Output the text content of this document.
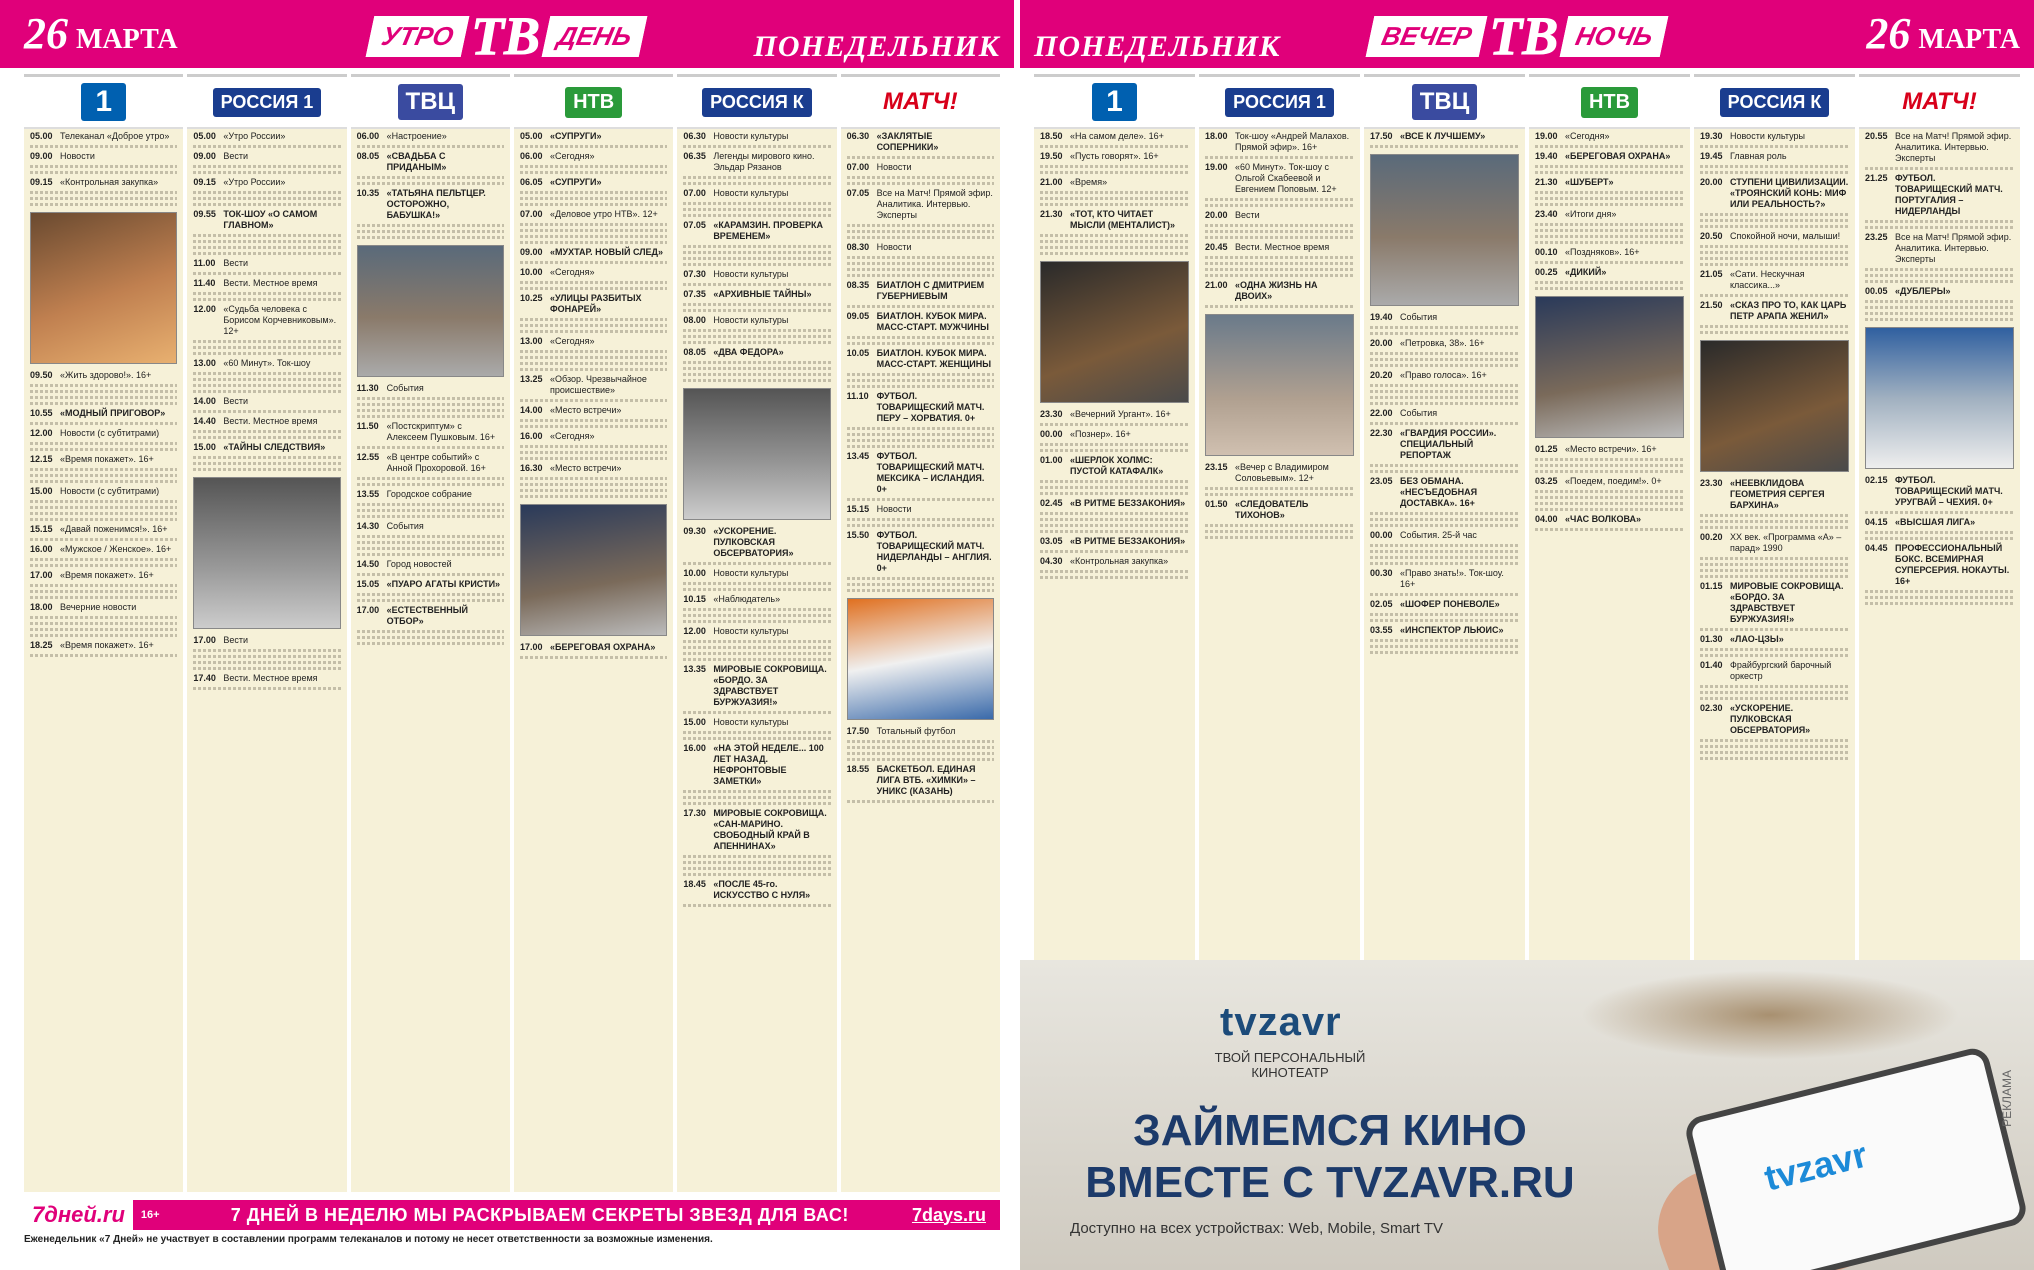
26 МАРТА	УТРО ТВ ДЕНЬ	ПОНЕДЕЛЬНИК
1
05.00 Телеканал «Доброе утро»
09.00 Новости
09.15 «Контрольная закупка»
09.50 «Жить здорово!». 16+
10.55 «МОДНЫЙ ПРИГОВОР»
12.00 Новости (с субтитрами)
12.15 «Время покажет». 16+
15.00 Новости (с субтитрами)
15.15 «Давай поженимся!». 16+
16.00 «Мужское / Женское». 16+
17.00 «Время покажет». 16+
18.00 Вечерние новости
18.25 «Время покажет». 16+
РОССИЯ 1
05.00 «Утро России»
09.00 Вести
09.15 «Утро России»
09.55 ТОК-ШОУ «О САМОМ ГЛАВНОМ»
11.00 Вести
11.40 Вести. Местное время
12.00 «Судьба человека с Борисом Корчевниковым». 12+
13.00 «60 Минут». Ток-шоу
14.00 Вести
14.40 Вести. Местное время
15.00 «ТАЙНЫ СЛЕДСТВИЯ»
17.00 Вести
17.40 Вести. Местное время
ТВЦ
06.00 «Настроение»
08.05 «СВАДЬБА С ПРИДАНЫМ»
10.35 «ТАТЬЯНА ПЕЛЬТЦЕР. ОСТОРОЖНО, БАБУШКА!»
11.30 События
11.50 «Постскриптум» с Алексеем Пушковым. 16+
12.55 «В центре событий» с Анной Прохоровой. 16+
13.55 Городское собрание
14.30 События
14.50 Город новостей
15.05 «ПУАРО АГАТЫ КРИСТИ»
17.00 «ЕСТЕСТВЕННЫЙ ОТБОР»
НТВ
05.00 «СУПРУГИ»
06.00 «Сегодня»
06.05 «СУПРУГИ»
07.00 «Деловое утро НТВ». 12+
09.00 «МУХТАР. НОВЫЙ СЛЕД»
10.00 «Сегодня»
10.25 «УЛИЦЫ РАЗБИТЫХ ФОНАРЕЙ»
13.00 «Сегодня»
13.25 «Обзор. Чрезвычайное происшествие»
14.00 «Место встречи»
16.00 «Сегодня»
16.30 «Место встречи»
17.00 «БЕРЕГОВАЯ ОХРАНА»
РОССИЯ К
06.30 Новости культуры
06.35 Легенды мирового кино. Эльдар Рязанов
07.00 Новости культуры
07.05 «КАРАМЗИН. ПРОВЕРКА ВРЕМЕНЕМ»
07.30 Новости культуры
07.35 «АРХИВНЫЕ ТАЙНЫ»
08.00 Новости культуры
08.05 «ДВА ФЕДОРА»
09.30 «УСКОРЕНИЕ. ПУЛКОВСКАЯ ОБСЕРВАТОРИЯ»
10.00 Новости культуры
10.15 «Наблюдатель»
12.00 Новости культуры
13.35 МИРОВЫЕ СОКРОВИЩА. «БОРДО. ЗА ЗДРАВСТВУЕТ БУРЖУАЗИЯ!»
15.00 Новости культуры
16.00 «НА ЭТОЙ НЕДЕЛЕ... 100 ЛЕТ НАЗАД. НЕФРОНТОВЫЕ ЗАМЕТКИ»
17.30 МИРОВЫЕ СОКРОВИЩА. «САН-МАРИНО. СВОБОДНЫЙ КРАЙ В АПЕННИНАХ»
18.45 «ПОСЛЕ 45-го. ИСКУССТВО С НУЛЯ»
МАТЧ!
06.30 «ЗАКЛЯТЫЕ СОПЕРНИКИ»
07.00 Новости
07.05 Все на Матч! Прямой эфир. Аналитика. Интервью. Эксперты
08.30 Новости
08.35 БИАТЛОН С ДМИТРИЕМ ГУБЕРНИЕВЫМ
09.05 БИАТЛОН. КУБОК МИРА. МАСС-СТАРТ. МУЖЧИНЫ
10.05 БИАТЛОН. КУБОК МИРА. МАСС-СТАРТ. ЖЕНЩИНЫ
11.10 ФУТБОЛ. ТОВАРИЩЕСКИЙ МАТЧ. ПЕРУ – ХОРВАТИЯ. 0+
13.45 ФУТБОЛ. ТОВАРИЩЕСКИЙ МАТЧ. МЕКСИКА – ИСЛАНДИЯ. 0+
15.15 Новости
15.50 ФУТБОЛ. ТОВАРИЩЕСКИЙ МАТЧ. НИДЕРЛАНДЫ – АНГЛИЯ. 0+
17.50 Тотальный футбол
18.55 БАСКЕТБОЛ. ЕДИНАЯ ЛИГА ВТБ. «ХИМКИ» – УНИКС (КАЗАНЬ)
7дней.ru	16+	7 ДНЕЙ В НЕДЕЛЮ МЫ РАСКРЫВАЕМ СЕКРЕТЫ ЗВЕЗД ДЛЯ ВАС!	7days.ru
Еженедельник «7 Дней» не участвует в составлении программ телеканалов и потому не несет ответственности за возможные изменения.
ПОНЕДЕЛЬНИК	ВЕЧЕР ТВ НОЧЬ	26 МАРТА
1
18.50 «На самом деле». 16+
19.50 «Пусть говорят». 16+
21.00 «Время»
21.30 «ТОТ, КТО ЧИТАЕТ МЫСЛИ (МЕНТАЛИСТ)»
23.30 «Вечерний Ургант». 16+
00.00 «Познер». 16+
01.00 «ШЕРЛОК ХОЛМС: ПУСТОЙ КАТАФАЛК»
02.45 «В РИТМЕ БЕЗЗАКОНИЯ»
03.05 «В РИТМЕ БЕЗЗАКОНИЯ»
04.30 «Контрольная закупка»
РОССИЯ 1
18.00 Ток-шоу «Андрей Малахов. Прямой эфир». 16+
19.00 «60 Минут». Ток-шоу с Ольгой Скабеевой и Евгением Поповым. 12+
20.00 Вести
20.45 Вести. Местное время
21.00 «ОДНА ЖИЗНЬ НА ДВОИХ»
23.15 «Вечер с Владимиром Соловьевым». 12+
01.50 «СЛЕДОВАТЕЛЬ ТИХОНОВ»
ТВЦ
17.50 «ВСЕ К ЛУЧШЕМУ»
19.40 События
20.00 «Петровка, 38». 16+
20.20 «Право голоса». 16+
22.00 События
22.30 «ГВАРДИЯ РОССИИ». СПЕЦИАЛЬНЫЙ РЕПОРТАЖ
23.05 БЕЗ ОБМАНА. «НЕСЪЕДОБНАЯ ДОСТАВКА». 16+
00.00 События. 25-й час
00.30 «Право знать!». Ток-шоу. 16+
02.05 «ШОФЕР ПОНЕВОЛЕ»
03.55 «ИНСПЕКТОР ЛЬЮИС»
НТВ
19.00 «Сегодня»
19.40 «БЕРЕГОВАЯ ОХРАНА»
21.30 «ШУБЕРТ»
23.40 «Итоги дня»
00.10 «Поздняков». 16+
00.25 «ДИКИЙ»
01.25 «Место встречи». 16+
03.25 «Поедем, поедим!». 0+
04.00 «ЧАС ВОЛКОВА»
РОССИЯ К
19.30 Новости культуры
19.45 Главная роль
20.00 СТУПЕНИ ЦИВИЛИЗАЦИИ. «ТРОЯНСКИЙ КОНЬ: МИФ ИЛИ РЕАЛЬНОСТЬ?»
20.50 Спокойной ночи, малыши!
21.05 «Сати. Нескучная классика...»
21.50 «СКАЗ ПРО ТО, КАК ЦАРЬ ПЕТР АРАПА ЖЕНИЛ»
23.30 «НЕЕВКЛИДОВА ГЕОМЕТРИЯ СЕРГЕЯ БАРХИНА»
00.20 ХХ век. «Программа «А» – парад» 1990
01.15 МИРОВЫЕ СОКРОВИЩА. «БОРДО. ЗА ЗДРАВСТВУЕТ БУРЖУАЗИЯ!»
01.30 «ЛАО-ЦЗЫ»
01.40 Фрайбургский барочный оркестр
02.30 «УСКОРЕНИЕ. ПУЛКОВСКАЯ ОБСЕРВАТОРИЯ»
МАТЧ!
20.55 Все на Матч! Прямой эфир. Аналитика. Интервью. Эксперты
21.25 ФУТБОЛ. ТОВАРИЩЕСКИЙ МАТЧ. ПОРТУГАЛИЯ – НИДЕРЛАНДЫ
23.25 Все на Матч! Прямой эфир. Аналитика. Интервью. Эксперты
00.05 «ДУБЛЕРЫ»
02.15 ФУТБОЛ. ТОВАРИЩЕСКИЙ МАТЧ. УРУГВАЙ – ЧЕХИЯ. 0+
04.15 «ВЫСШАЯ ЛИГА»
04.45 ПРОФЕССИОНАЛЬНЫЙ БОКС. ВСЕМИРНАЯ СУПЕРСЕРИЯ. НОКАУТЫ. 16+
tvzavr
ТВОЙ ПЕРСОНАЛЬНЫЙ КИНОТЕАТР
ЗАЙМЕМСЯ КИНО ВМЕСТЕ С TVZAVR.RU
Доступно на всех устройствах: Web, Mobile, Smart TV
tvzavr
РЕКЛАМА
